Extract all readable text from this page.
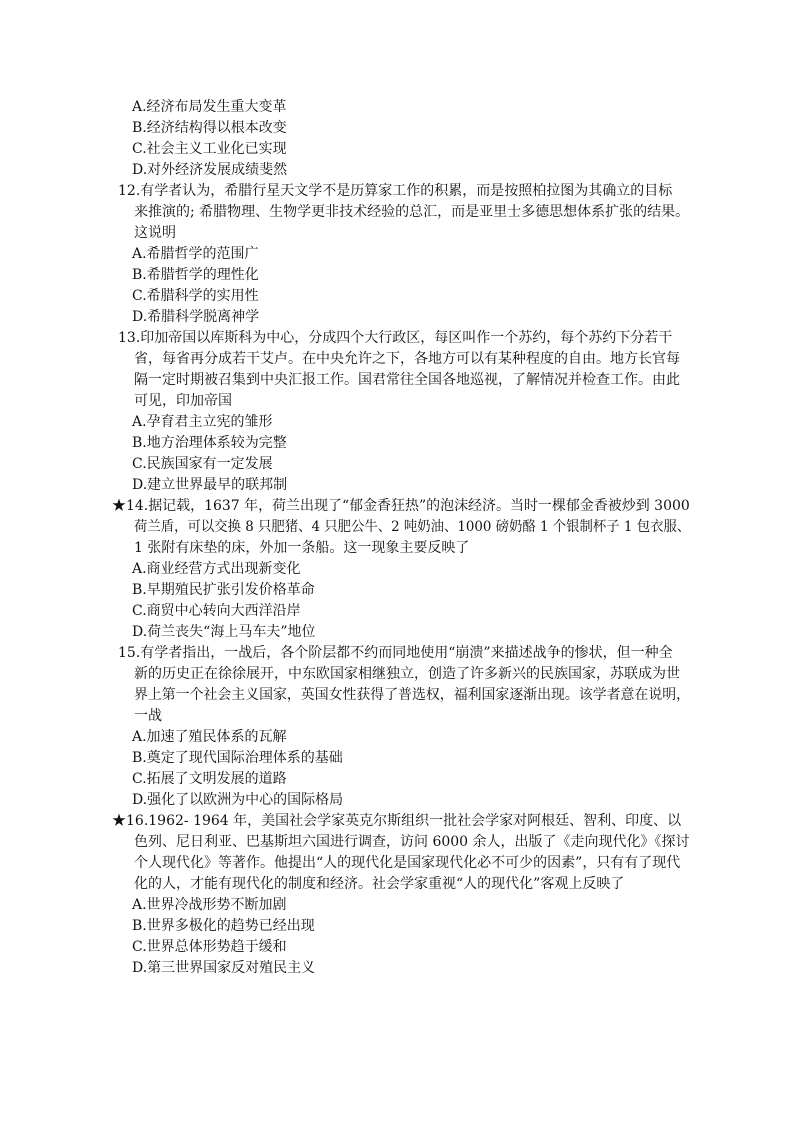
A.经济布局发生重大变革
B.经济结构得以根本改变
C.社会主义工业化已实现
D.对外经济发展成绩斐然
12.有学者认为，希腊行星天文学不是历算家工作的积累，而是按照柏拉图为其确立的目标
来推演的; 希腊物理、生物学更非技术经验的总汇，而是亚里士多德思想体系扩张的结果。
这说明
A.希腊哲学的范围广
B.希腊哲学的理性化
C.希腊科学的实用性
D.希腊科学脱离神学
13.印加帝国以库斯科为中心，分成四个大行政区，每区叫作一个苏约，每个苏约下分若干
省，每省再分成若干艾卢。在中央允许之下，各地方可以有某种程度的自由。地方长官每
隔一定时期被召集到中央汇报工作。国君常往全国各地巡视，了解情况并检查工作。由此
可见，印加帝国
A.孕育君主立宪的雏形
B.地方治理体系较为完整
C.民族国家有一定发展
D.建立世界最早的联邦制
★14.据记载，1637 年，荷兰出现了“郁金香狂热”的泡沫经济。当时一棵郁金香被炒到 3000
荷兰盾，可以交换 8 只肥猪、4 只肥公牛、2 吨奶油、1000 磅奶酪 1 个银制杯子 1 包衣服、
1 张附有床垫的床，外加一条船。这一现象主要反映了
A.商业经营方式出现新变化
B.早期殖民扩张引发价格革命
C.商贸中心转向大西洋沿岸
D.荷兰丧失“海上马车夫”地位
15.有学者指出，一战后，各个阶层都不约而同地使用“崩溃”来描述战争的惨状，但一种全
新的历史正在徐徐展开，中东欧国家相继独立，创造了许多新兴的民族国家，苏联成为世
界上第一个社会主义国家，英国女性获得了普选权，福利国家逐渐出现。该学者意在说明，
一战
A.加速了殖民体系的瓦解
B.奠定了现代国际治理体系的基础
C.拓展了文明发展的道路
D.强化了以欧洲为中心的国际格局
★16.1962- 1964 年，美国社会学家英克尔斯组织一批社会学家对阿根廷、智利、印度、以
色列、尼日利亚、巴基斯坦六国进行调查，访问 6000 余人，出版了《走向现代化》《探讨
个人现代化》等著作。他提出“人的现代化是国家现代化必不可少的因素”，只有有了现代
化的人，才能有现代化的制度和经济。社会学家重视“人的现代化”客观上反映了
A.世界冷战形势不断加剧
B.世界多极化的趋势已经出现
C.世界总体形势趋于缓和
D.第三世界国家反对殖民主义
